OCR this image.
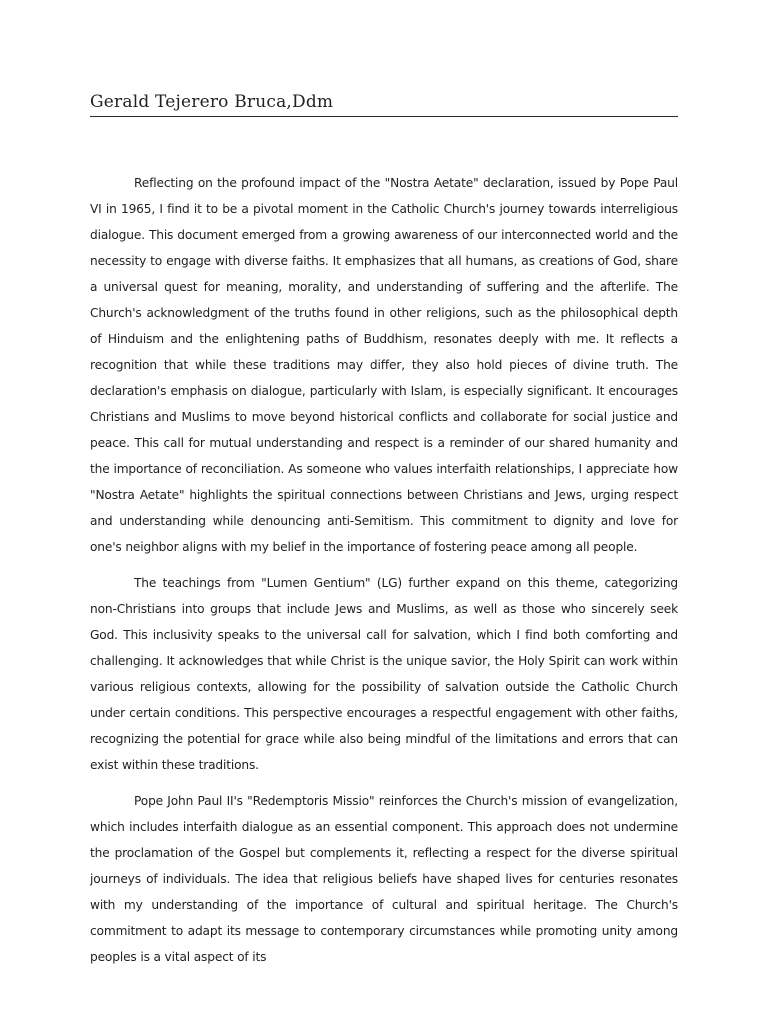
Gerald Tejerero Bruca,Ddm

Reflecting on the profound impact of the "Nostra Aetate" declaration, issued by Pope Paul VI in 1965, I find it to be a pivotal moment in the Catholic Church's journey towards interreligious dialogue. This document emerged from a growing awareness of our interconnected world and the necessity to engage with diverse faiths. It emphasizes that all humans, as creations of God, share a universal quest for meaning, morality, and understanding of suffering and the afterlife. The Church's acknowledgment of the truths found in other religions, such as the philosophical depth of Hinduism and the enlightening paths of Buddhism, resonates deeply with me. It reflects a recognition that while these traditions may differ, they also hold pieces of divine truth. The declaration's emphasis on dialogue, particularly with Islam, is especially significant. It encourages Christians and Muslims to move beyond historical conflicts and collaborate for social justice and peace. This call for mutual understanding and respect is a reminder of our shared humanity and the importance of reconciliation. As someone who values interfaith relationships, I appreciate how "Nostra Aetate" highlights the spiritual connections between Christians and Jews, urging respect and understanding while denouncing anti-Semitism. This commitment to dignity and love for one's neighbor aligns with my belief in the importance of fostering peace among all people.

The teachings from "Lumen Gentium" (LG) further expand on this theme, categorizing non-Christians into groups that include Jews and Muslims, as well as those who sincerely seek God. This inclusivity speaks to the universal call for salvation, which I find both comforting and challenging. It acknowledges that while Christ is the unique savior, the Holy Spirit can work within various religious contexts, allowing for the possibility of salvation outside the Catholic Church under certain conditions. This perspective encourages a respectful engagement with other faiths, recognizing the potential for grace while also being mindful of the limitations and errors that can exist within these traditions.

Pope John Paul II's "Redemptoris Missio" reinforces the Church's mission of evangelization, which includes interfaith dialogue as an essential component. This approach does not undermine the proclamation of the Gospel but complements it, reflecting a respect for the diverse spiritual journeys of individuals. The idea that religious beliefs have shaped lives for centuries resonates with my understanding of the importance of cultural and spiritual heritage. The Church's commitment to adapt its message to contemporary circumstances while promoting unity among peoples is a vital aspect of its
